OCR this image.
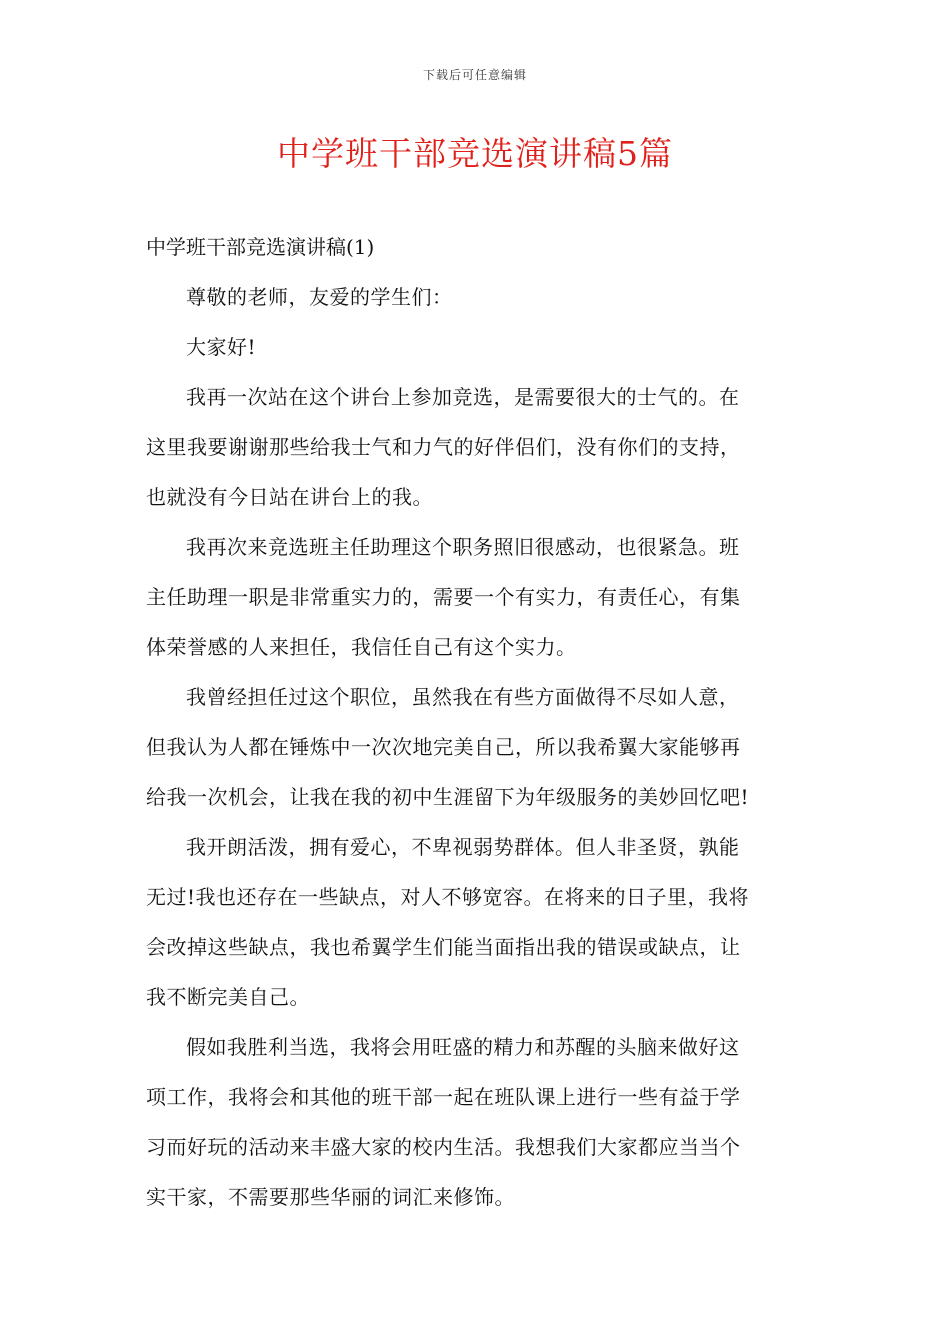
下载后可任意编辑
中学班干部竞选演讲稿5篇
中学班干部竞选演讲稿(1)
尊敬的老师，友爱的学生们：
大家好!
我再一次站在这个讲台上参加竞选，是需要很大的士气的。在
这里我要谢谢那些给我士气和力气的好伴侣们，没有你们的支持，
也就没有今日站在讲台上的我。
我再次来竞选班主任助理这个职务照旧很感动，也很紧急。班
主任助理一职是非常重实力的，需要一个有实力，有责任心，有集
体荣誉感的人来担任，我信任自己有这个实力。
我曾经担任过这个职位，虽然我在有些方面做得不尽如人意，
但我认为人都在锤炼中一次次地完美自己，所以我希翼大家能够再
给我一次机会，让我在我的初中生涯留下为年级服务的美妙回忆吧!
我开朗活泼，拥有爱心，不卑视弱势群体。但人非圣贤，孰能
无过!我也还存在一些缺点，对人不够宽容。在将来的日子里，我将
会改掉这些缺点，我也希翼学生们能当面指出我的错误或缺点，让
我不断完美自己。
假如我胜利当选，我将会用旺盛的精力和苏醒的头脑来做好这
项工作，我将会和其他的班干部一起在班队课上进行一些有益于学
习而好玩的活动来丰盛大家的校内生活。我想我们大家都应当当个
实干家，不需要那些华丽的词汇来修饰。
